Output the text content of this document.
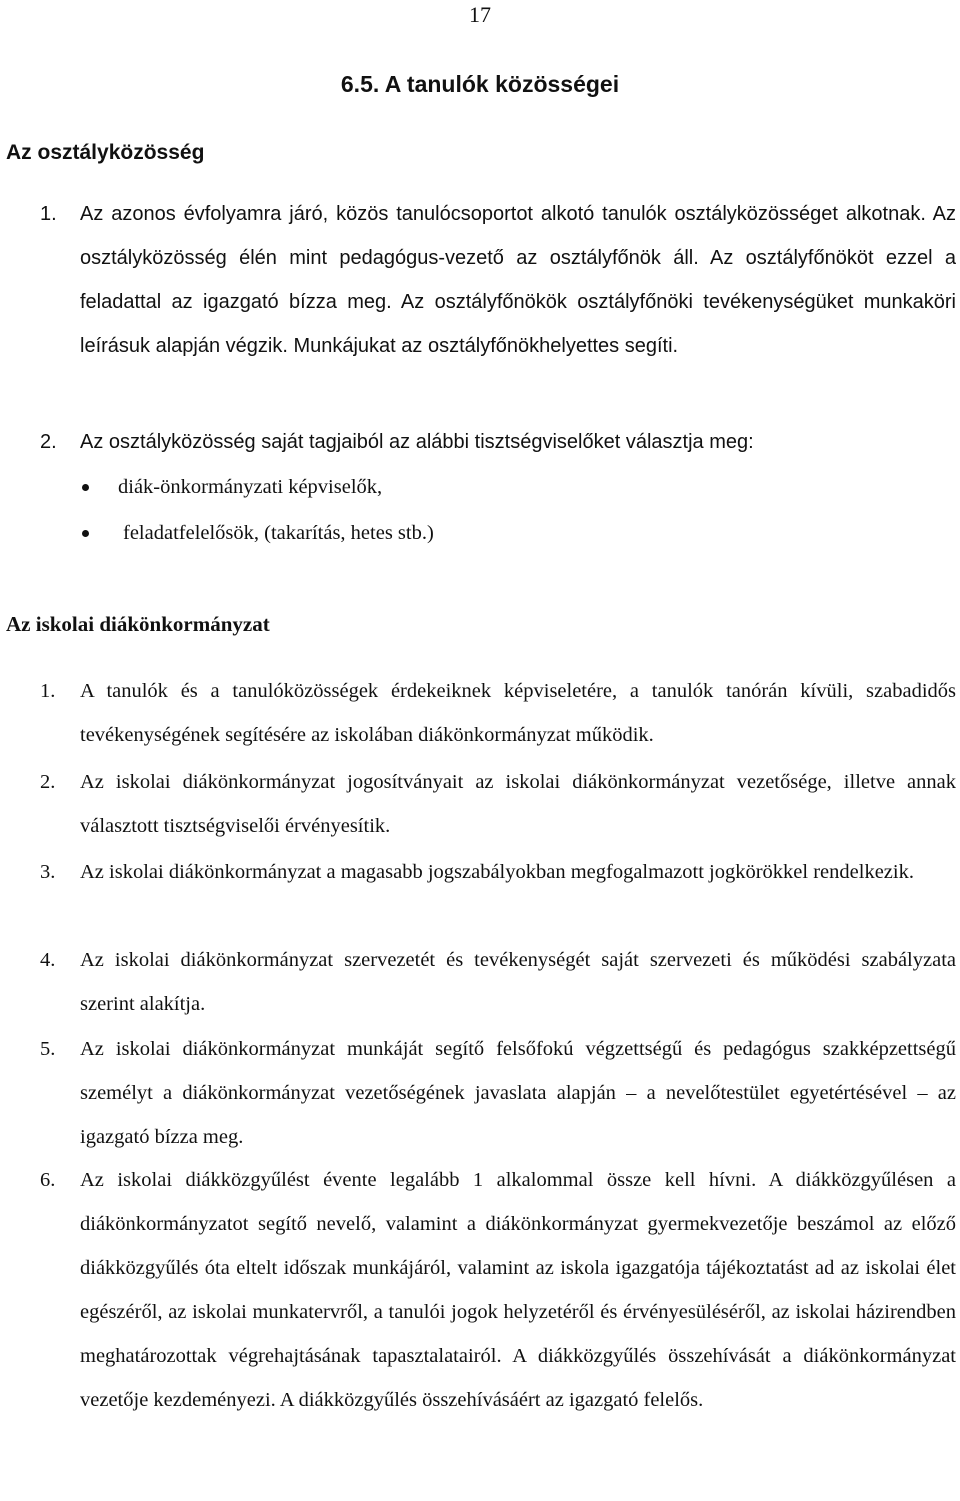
17
6.5. A tanulók közösségei
Az osztályközösség
1. Az azonos évfolyamra járó, közös tanulócsoportot alkotó tanulók osztályközösséget alkotnak. Az osztályközösség élén mint pedagógus-vezető az osztályfőnök áll. Az osztályfőnököt ezzel a feladattal az igazgató bízza meg. Az osztályfőnökök osztályfőnöki tevékenységüket munkaköri leírásuk alapján végzik. Munkájukat az osztályfőnökhelyettes segíti.
2. Az osztályközösség saját tagjaiból az alábbi tisztségviselőket választja meg:
diák-önkormányzati képviselők,
feladatfelelősök, (takarítás, hetes stb.)
Az iskolai diákönkormányzat
1. A tanulók és a tanulóközösségek érdekeiknek képviseletére, a tanulók tanórán kívüli, szabadidős tevékenységének segítésére az iskolában diákönkormányzat működik.
2. Az iskolai diákönkormányzat jogosítványait az iskolai diákönkormányzat vezetősége, illetve annak választott tisztségviselői érvényesítik.
3. Az iskolai diákönkormányzat a magasabb jogszabályokban megfogalmazott jogkörökkel rendelkezik.
4. Az iskolai diákönkormányzat szervezetét és tevékenységét saját szervezeti és működési szabályzata szerint alakítja.
5. Az iskolai diákönkormányzat munkáját segítő felsőfokú végzettségű és pedagógus szakképzettségű személyt a diákönkormányzat vezetőségének javaslata alapján – a nevelőtestület egyetértésével – az igazgató bízza meg.
6. Az iskolai diákközgyűlést évente legalább 1 alkalommal össze kell hívni. A diákközgyűlésen a diákönkormányzatot segítő nevelő, valamint a diákönkormányzat gyermekvezetője beszámol az előző diákközgyűlés óta eltelt időszak munkájáról, valamint az iskola igazgatója tájékoztatást ad az iskolai élet egészéről, az iskolai munkatervről, a tanulói jogok helyzetéről és érvényesüléséről, az iskolai házirendben meghatározottak végrehajtásának tapasztalatairól. A diákközgyűlés összehívását a diákönkormányzat vezetője kezdeményezi. A diákközgyűlés összehívásáért az igazgató felelős.
